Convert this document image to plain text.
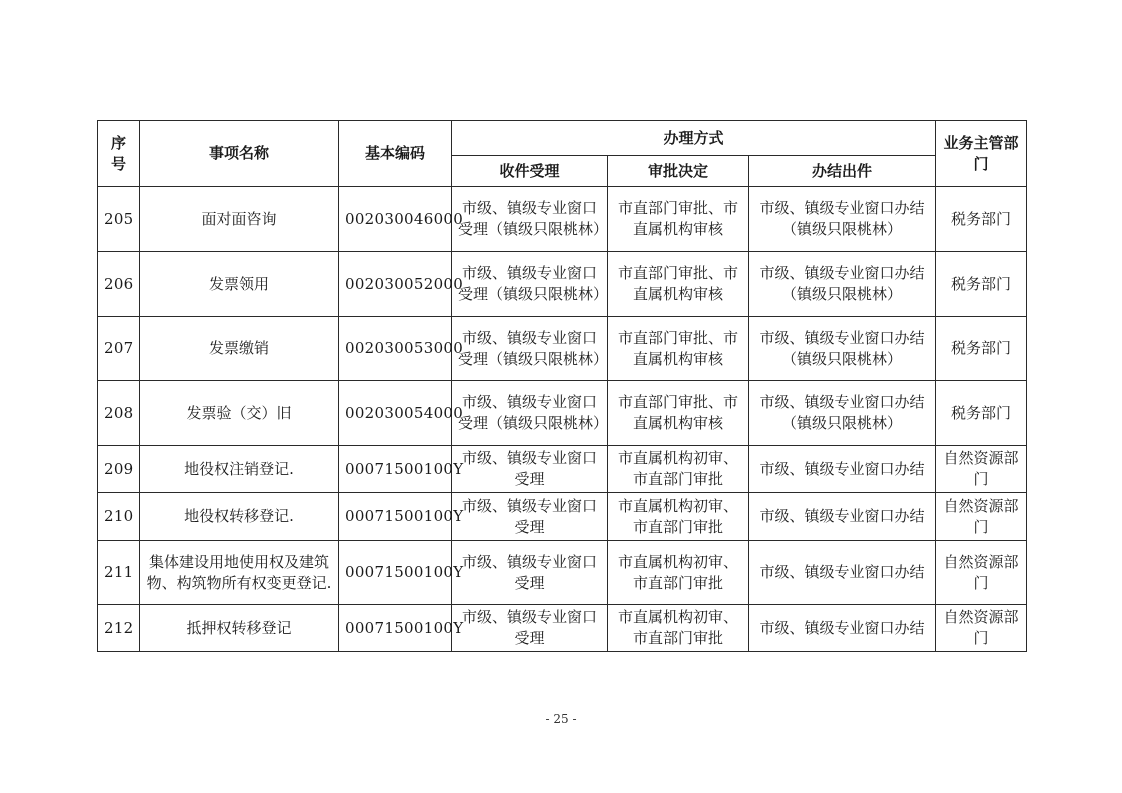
序号	事项名称	基本编码	办理方式			业务主管部门
			收件受理	审批决定	办结出件	
205	面对面咨询	002030046000	市级、镇级专业窗口受理（镇级只限桃林）	市直部门审批、市直属机构审核	市级、镇级专业窗口办结（镇级只限桃林）	税务部门
206	发票领用	002030052000	市级、镇级专业窗口受理（镇级只限桃林）	市直部门审批、市直属机构审核	市级、镇级专业窗口办结（镇级只限桃林）	税务部门
207	发票缴销	002030053000	市级、镇级专业窗口受理（镇级只限桃林）	市直部门审批、市直属机构审核	市级、镇级专业窗口办结（镇级只限桃林）	税务部门
208	发票验（交）旧	002030054000	市级、镇级专业窗口受理（镇级只限桃林）	市直部门审批、市直属机构审核	市级、镇级专业窗口办结（镇级只限桃林）	税务部门
209	地役权注销登记.	00071500100Y	市级、镇级专业窗口受理	市直属机构初审、市直部门审批	市级、镇级专业窗口办结	自然资源部门
210	地役权转移登记.	00071500100Y	市级、镇级专业窗口受理	市直属机构初审、市直部门审批	市级、镇级专业窗口办结	自然资源部门
211	集体建设用地使用权及建筑物、构筑物所有权变更登记.	00071500100Y	市级、镇级专业窗口受理	市直属机构初审、市直部门审批	市级、镇级专业窗口办结	自然资源部门
212	抵押权转移登记	00071500100Y	市级、镇级专业窗口受理	市直属机构初审、市直部门审批	市级、镇级专业窗口办结	自然资源部门
- 25 -
